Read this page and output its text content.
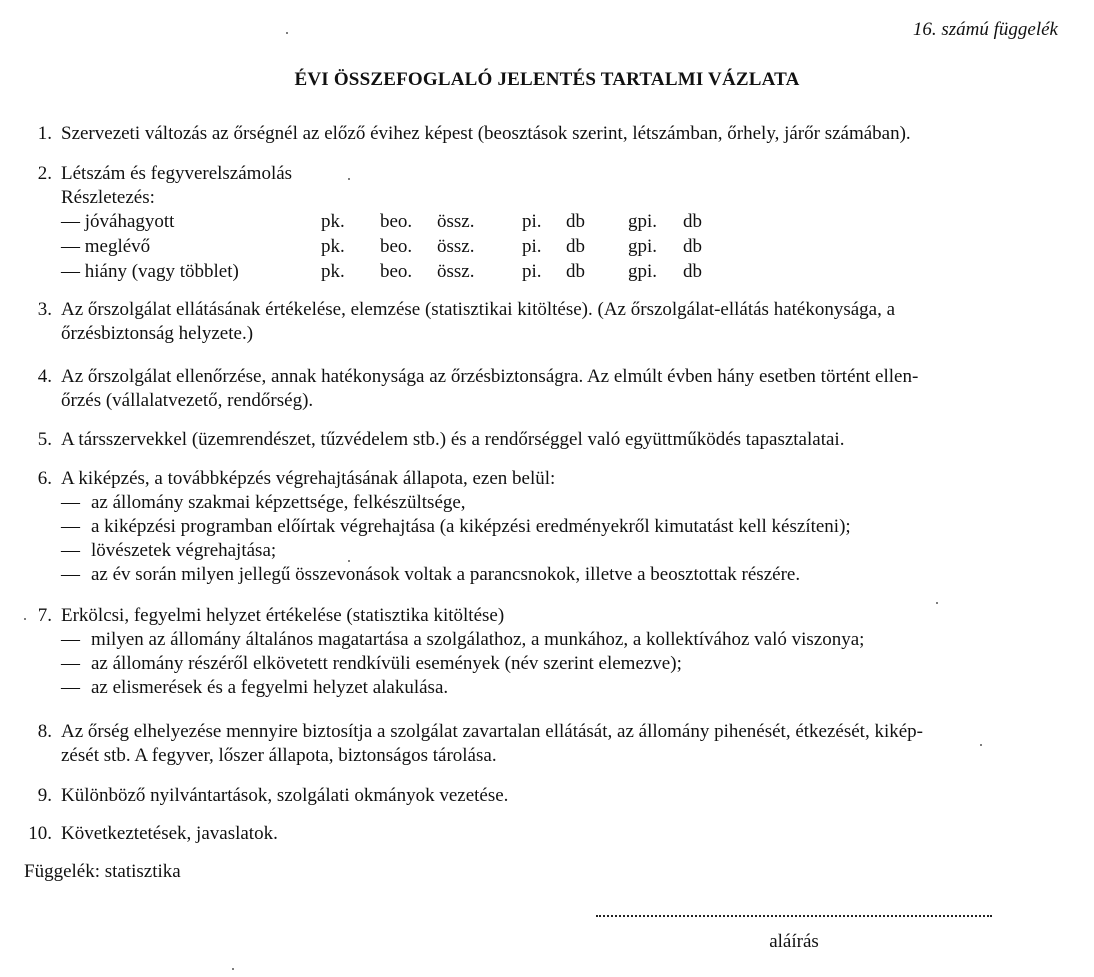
16. számú függelék
ÉVI ÖSSZEFOGLALÓ JELENTÉS TARTALMI VÁZLATA
1. Szervezeti változás az őrségnél az előző évihez képest (beosztások szerint, létszámban, őrhely, járőr számában).
2. Létszám és fegyverelszámolás
Részletezés:
— jóváhagyott	pk. beo. össz.	pi. db gpi. db
— meglévő	pk. beo. össz.	pi. db gpi. db
— hiány (vagy többlet)	pk. beo. össz.	pi. db gpi. db
3. Az őrszolgálat ellátásának értékelése, elemzése (statisztikai kitöltése). (Az őrszolgálat-ellátás hatékonysága, a
őrzésbiztonság helyzete.)
4. Az őrszolgálat ellenőrzése, annak hatékonysága az őrzésbiztonságra. Az elmúlt évben hány esetben történt ellen-
őrzés (vállalatvezető, rendőrség).
5. A társszervekkel (üzemrendészet, tűzvédelem stb.) és a rendőrséggel való együttműködés tapasztalatai.
6. A kiképzés, a továbbképzés végrehajtásának állapota, ezen belül:
— az állomány szakmai képzettsége, felkészültsége,
— a kiképzési programban előírtak végrehajtása (a kiképzési eredményekről kimutatást kell készíteni);
— lövészetek végrehajtása;
— az év során milyen jellegű összevonások voltak a parancsnokok, illetve a beosztottak részére.
7. Erkölcsi, fegyelmi helyzet értékelése (statisztika kitöltése)
— milyen az állomány általános magatartása a szolgálathoz, a munkához, a kollektívához való viszonya;
— az állomány részéről elkövetett rendkívüli események (név szerint elemezve);
— az elismerések és a fegyelmi helyzet alakulása.
8. Az őrség elhelyezése mennyire biztosítja a szolgálat zavartalan ellátását, az állomány pihenését, étkezését, kikép-
zését stb. A fegyver, lőszer állapota, biztonságos tárolása.
9. Különböző nyilvántartások, szolgálati okmányok vezetése.
10. Következtetések, javaslatok.
Függelék: statisztika
aláírás
